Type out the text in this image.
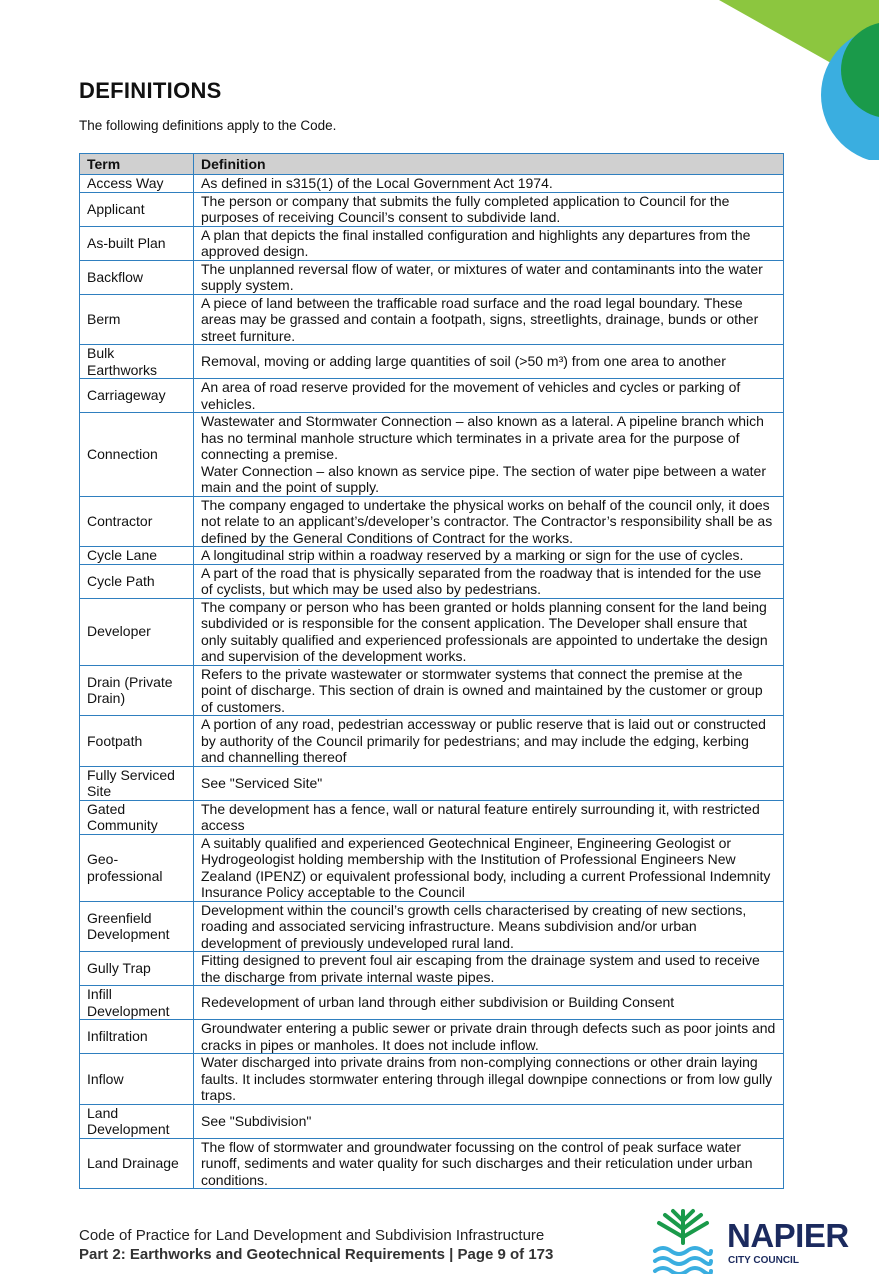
DEFINITIONS

The following definitions apply to the Code.

Term	Definition
Access Way	As defined in s315(1) of the Local Government Act 1974.
Applicant	The person or company that submits the fully completed application to Council for the purposes of receiving Council’s consent to subdivide land.
As-built Plan	A plan that depicts the final installed configuration and highlights any departures from the approved design.
Backflow	The unplanned reversal flow of water, or mixtures of water and contaminants into the water supply system.
Berm	A piece of land between the trafficable road surface and the road legal boundary. These areas may be grassed and contain a footpath, signs, streetlights, drainage, bunds or other street furniture.
Bulk Earthworks	Removal, moving or adding large quantities of soil (>50 m³) from one area to another
Carriageway	An area of road reserve provided for the movement of vehicles and cycles or parking of vehicles.
Connection	Wastewater and Stormwater Connection – also known as a lateral. A pipeline branch which has no terminal manhole structure which terminates in a private area for the purpose of connecting a premise.
Water Connection – also known as service pipe. The section of water pipe between a water main and the point of supply.

Contractor	The company engaged to undertake the physical works on behalf of the council only, it does not relate to an applicant’s/developer’s contractor. The Contractor’s responsibility shall be as defined by the General Conditions of Contract for the works.
Cycle Lane	A longitudinal strip within a roadway reserved by a marking or sign for the use of cycles.
Cycle Path	A part of the road that is physically separated from the roadway that is intended for the use of cyclists, but which may be used also by pedestrians.
Developer	The company or person who has been granted or holds planning consent for the land being subdivided or is responsible for the consent application. The Developer shall ensure that only suitably qualified and experienced professionals are appointed to undertake the design and supervision of the development works.
Drain (Private Drain)	Refers to the private wastewater or stormwater systems that connect the premise at the point of discharge. This section of drain is owned and maintained by the customer or group of customers.
Footpath	A portion of any road, pedestrian accessway or public reserve that is laid out or constructed by authority of the Council primarily for pedestrians; and may include the edging, kerbing and channelling thereof
Fully Serviced Site	See "Serviced Site"
Gated Community	The development has a fence, wall or natural feature entirely surrounding it, with restricted access
Geo-professional	A suitably qualified and experienced Geotechnical Engineer, Engineering Geologist or Hydrogeologist holding membership with the Institution of Professional Engineers New Zealand (IPENZ) or equivalent professional body, including a current Professional Indemnity Insurance Policy acceptable to the Council
Greenfield Development	Development within the council’s growth cells characterised by creating of new sections, roading and associated servicing infrastructure. Means subdivision and/or urban development of previously undeveloped rural land.
Gully Trap	Fitting designed to prevent foul air escaping from the drainage system and used to receive the discharge from private internal waste pipes.
Infill Development	Redevelopment of urban land through either subdivision or Building Consent
Infiltration	Groundwater entering a public sewer or private drain through defects such as poor joints and cracks in pipes or manholes. It does not include inflow.
Inflow	Water discharged into private drains from non-complying connections or other drain laying faults. It includes stormwater entering through illegal downpipe connections or from low gully traps.
Land Development	See "Subdivision"
Land Drainage	The flow of stormwater and groundwater focussing on the control of peak surface water runoff, sediments and water quality for such discharges and their reticulation under urban conditions.
Code of Practice for Land Development and Subdivision Infrastructure
Part 2: Earthworks and Geotechnical Requirements | Page 9 of 173
NAPIER
CITY COUNCIL
